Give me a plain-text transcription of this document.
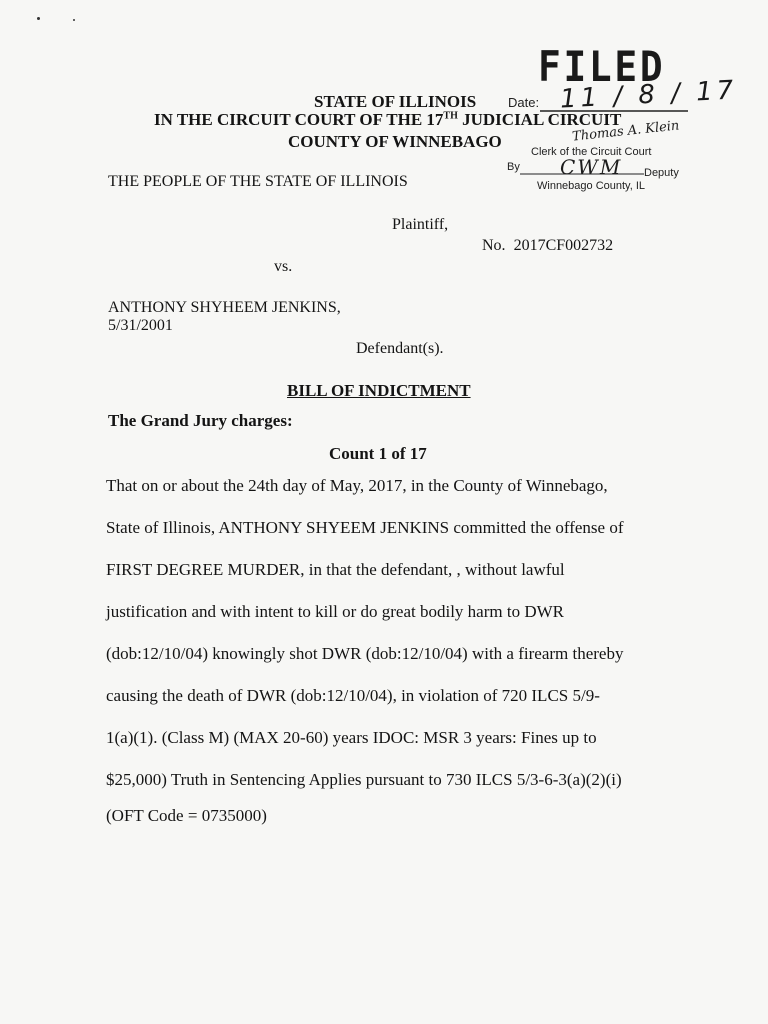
FILED
Date: 11 / 8 / 17
Thomas A. Klein
Clerk of the Circuit Court
By CWM Deputy
Winnebago County, IL
STATE OF ILLINOIS
IN THE CIRCUIT COURT OF THE 17TH JUDICIAL CIRCUIT
COUNTY OF WINNEBAGO
THE PEOPLE OF THE STATE OF ILLINOIS
Plaintiff,
No. 2017CF002732
vs.
ANTHONY SHYHEEM JENKINS,
5/31/2001
Defendant(s).
BILL OF INDICTMENT
The Grand Jury charges:
Count 1 of 17
That on or about the 24th day of May, 2017, in the County of Winnebago,
State of Illinois, ANTHONY SHYEEM JENKINS committed the offense of
FIRST DEGREE MURDER, in that the defendant, , without lawful
justification and with intent to kill or do great bodily harm to DWR
(dob:12/10/04) knowingly shot DWR (dob:12/10/04) with a firearm thereby
causing the death of DWR (dob:12/10/04), in violation of 720 ILCS 5/9-
1(a)(1). (Class M) (MAX 20-60) years IDOC: MSR 3 years: Fines up to
$25,000) Truth in Sentencing Applies pursuant to 730 ILCS 5/3-6-3(a)(2)(i)
(OFT Code = 0735000)
